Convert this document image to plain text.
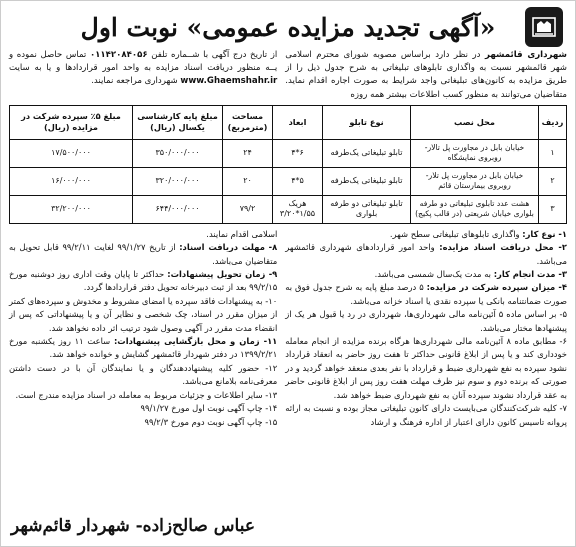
«آگهی تجدید مزایده عمومی» نوبت اول
شهرداری قائمشهر در نظر دارد براساس مصوبه شورای محترم اسلامی شهر قائمشهر نسبت به واگذاری تابلوهای تبلیغاتی به شرح جدول ذیل را از طریق مزایده به کانون‌های تبلیغاتی واجد شرایط به صورت اجاره اقدام نماید. متقاضیان می‌توانند به منظور کسب اطلاعات بیشتر همه روزه
از تاریخ درج آگهی با شــماره تلفن ۰۱۱۴۲۰۸۴۰۵۶ تماس حاصل نموده و یــه منظور دریافت اسناد مزایده به واحد امور قراردادها و یا به سایت www.Ghaemshahr.ir شهرداری مراجعه نمایند.
ردیف	محل نصب	نوع تابلو	ابعاد	مساحت (مترمربع)	مبلغ پایه کارشناسی یکسال (ریال)	مبلغ ۵٪ سپرده شرکت در مزایده (ریال)
۱	خیابان بابل در مجاورت پل تالار- روبروی نمایشگاه	تابلو تبلیغاتی یک‌طرفه	۶*۴	۲۴	۳۵۰/۰۰۰/۰۰۰	۱۷/۵۰۰/۰۰۰
۲	خیابان بابل در مجاورت پل تلار- روبروی بیمارستان قائم	تابلو تبلیغاتی یک‌طرفه	۵*۴	۲۰	۳۲۰/۰۰۰/۰۰۰	۱۶/۰۰۰/۰۰۰
۳	هشت عدد تابلوی تبلیغاتی دو طرفه بلواری خیابان شریعتی (در قالب پکیج)	تابلو تبلیغاتی دو طرفه بلواری	هریک ۱/۵۵*۳/۲۰	۷۹/۲	۶۴۴/۰۰۰/۰۰۰	۳۲/۲۰۰/۰۰۰

۱- نوع کار: واگذاری تابلوهای تبلیغاتی سطح شهر.

۲- محل دریافت اسناد مزایده: واحد امور قراردادهای شهرداری قائمشهر می‌باشد.

۳- مدت انجام کار: به مدت یک‌سال شمسی می‌باشد.

۴- میزان سپرده شرکت در مزایده: ۵ درصد مبلغ پایه به شرح جدول فوق به صورت ضمانتنامه بانکی یا سپرده نقدی یا اسناد خزانه می‌باشد.

۵- بر اساس ماده ۵ آئین‌نامه مالی شهرداری‌ها، شهرداری در رد یا قبول هر یک از پیشنهادها مختار می‌باشد.

۶- مطابق ماده ۸ آئین‌نامه مالی شهرداری‌ها هرگاه برنده مزایده از انجام معامله خودداری کند و یا پس از ابلاغ قانونی حداکثر تا هفت روز حاضر به انعقاد قرارداد نشود سپرده به نفع شهرداری ضبط و قرارداد با نفر بعدی منعقد خواهد گردید و در صورتی که برنده دوم و سوم نیز ظرف مهلت هفت روز پس از ابلاغ قانونی حاضر به عقد قرارداد نشوند سپرده آنان به نفع شهرداری ضبط خواهد شد.

۷- کلیه شرکت‌کنندگان می‌بایست دارای کانون تبلیغاتی مجاز بوده و نسبت به ارائه پروانه تاسیس کانون دارای اعتبار از اداره فرهنگ و ارشاد

اسلامی اقدام نمایند.

۸- مهلت دریافت اسناد: از تاریخ ۹۹/۱/۲۷ لغایت ۹۹/۲/۱۱ قابل تحویل به متقاضیان می‌باشد.

۹- زمان تحویل پیشنهادات: حداکثر تا پایان وقت اداری روز دوشنبه مورخ ۹۹/۲/۱۵ بعد از ثبت دبیرخانه تحویل دفتر قراردادها گردد.

۱۰- به پیشنهادات فاقد سپرده یا امضای مشروط و مخدوش و سپرده‌های کمتر از میزان مقرر در اسناد، چک شخصی و نظایر آن و یا پیشنهاداتی که پس از انقضاء مدت مقرر در آگهی وصول شود ترتیب اثر داده نخواهد شد.

۱۱- زمان و محل بازگشایی پیشنهادات: ساعت ۱۱ روز یکشنبه مورخ ۱۳۹۹/۲/۲۱ در دفتر شهردار قائمشهر گشایش و خوانده خواهد شد.

۱۲- حضور کلیه پیشنهاددهندگان و یا نمایندگان آن با در دست داشتن معرفی‌نامه بلامانع می‌باشد.

۱۳- سایر اطلاعات و جزئیات مربوط به معامله در اسناد مزایده مندرج است.

۱۴- چاپ آگهی نوبت اول مورخ ۹۹/۱/۲۷

۱۵- چاپ آگهی نوبت دوم مورخ ۹۹/۲/۳

عباس صالح‌زاده- شهردار قائم‌شهر
